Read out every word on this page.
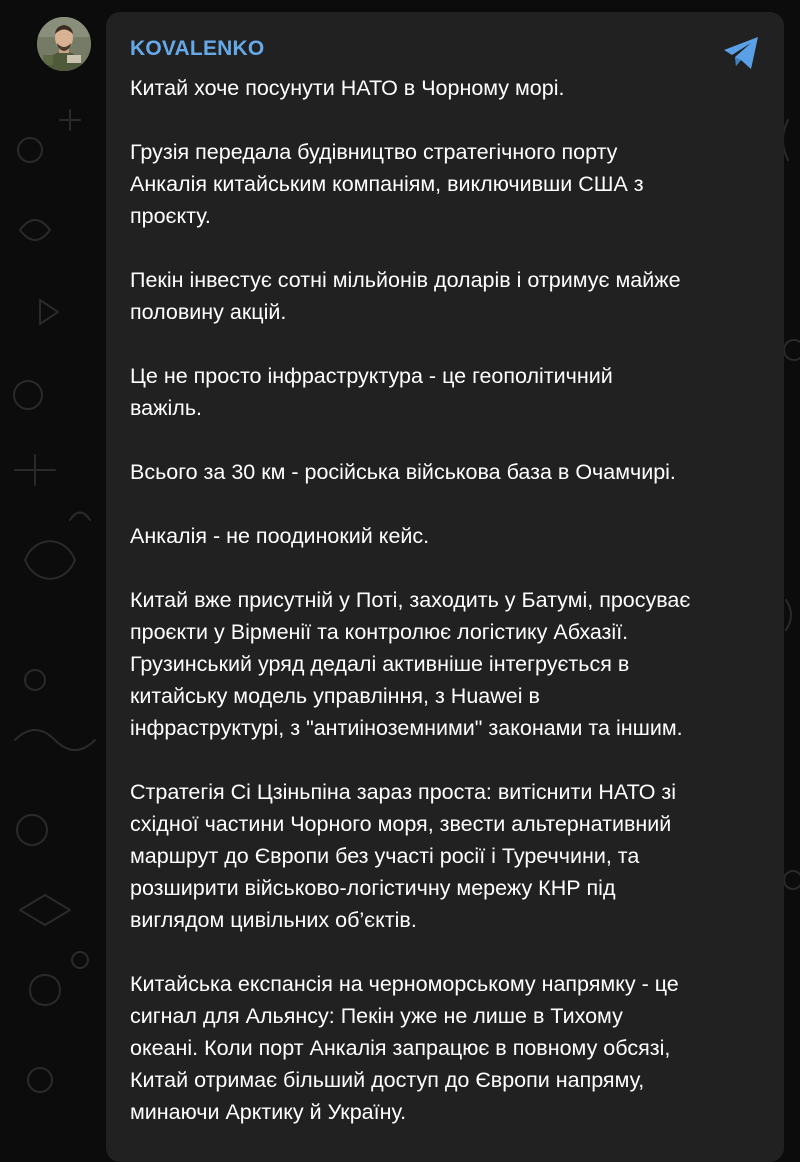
KOVALENKO

Китай хоче посунути НАТО в Чорному морі.

Грузія передала будівництво стратегічного порту
Анкалія китайським компаніям, виключивши США з
проєкту.

Пекін інвестує сотні мільйонів доларів і отримує майже
половину акцій.

Це не просто інфраструктура - це геополітичний
важіль.

Всього за 30 км - російська військова база в Очамчирі.

Анкалія - не поодинокий кейс.

Китай вже присутній у Поті, заходить у Батумі, просуває
проєкти у Вірменії та контролює логістику Абхазії.
Грузинський уряд дедалі активніше інтегрується в
китайську модель управління, з Huawei в
інфраструктурі, з "антиіноземними" законами та іншим.

Стратегія Сі Цзіньпіна зараз проста: витіснити НАТО зі
східної частини Чорного моря, звести альтернативний
маршрут до Європи без участі росії і Туреччини, та
розширити військово-логістичну мережу КНР під
виглядом цивільних об’єктів.

Китайська експансія на черноморському напрямку - це
сигнал для Альянсу: Пекін уже не лише в Тихому
океані. Коли порт Анкалія запрацює в повному обсязі,
Китай отримає більший доступ до Європи напряму,
минаючи Арктику й Україну.
